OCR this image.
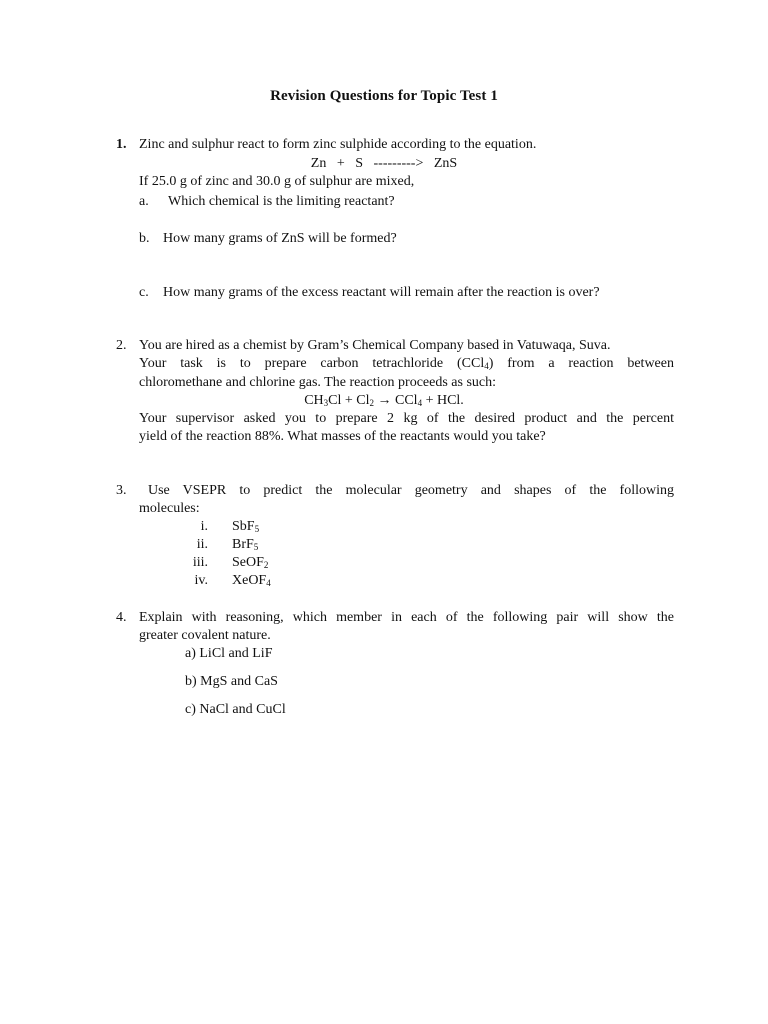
Revision Questions for Topic Test 1
1. Zinc and sulphur react to form zinc sulphide according to the equation.
Zn   +   S   --------->   ZnS
If 25.0 g of zinc and 30.0 g of sulphur are mixed,
a. Which chemical is the limiting reactant?
b. How many grams of ZnS will be formed?
c. How many grams of the excess reactant will remain after the reaction is over?
2. You are hired as a chemist by Gram’s Chemical Company based in Vatuwaqa, Suva.
Your task is to prepare carbon tetrachloride (CCl$_4$) from a reaction between
chloromethane and chlorine gas. The reaction proceeds as such:
$CH_3Cl + Cl_2 \to CCl_4$ + HCl.
Your supervisor asked you to prepare 2 kg of the desired product and the percent
yield of the reaction 88%. What masses of the reactants would you take?
3. Use VSEPR to predict the molecular geometry and shapes of the following
molecules:
i. SbF$_5$
ii. BrF$_5$
iii. SeOF$_2$
iv. XeOF$_4$
4. Explain with reasoning, which member in each of the following pair will show the
greater covalent nature.
a) LiCl and LiF
b) MgS and CaS
c) NaCl and CuCl
